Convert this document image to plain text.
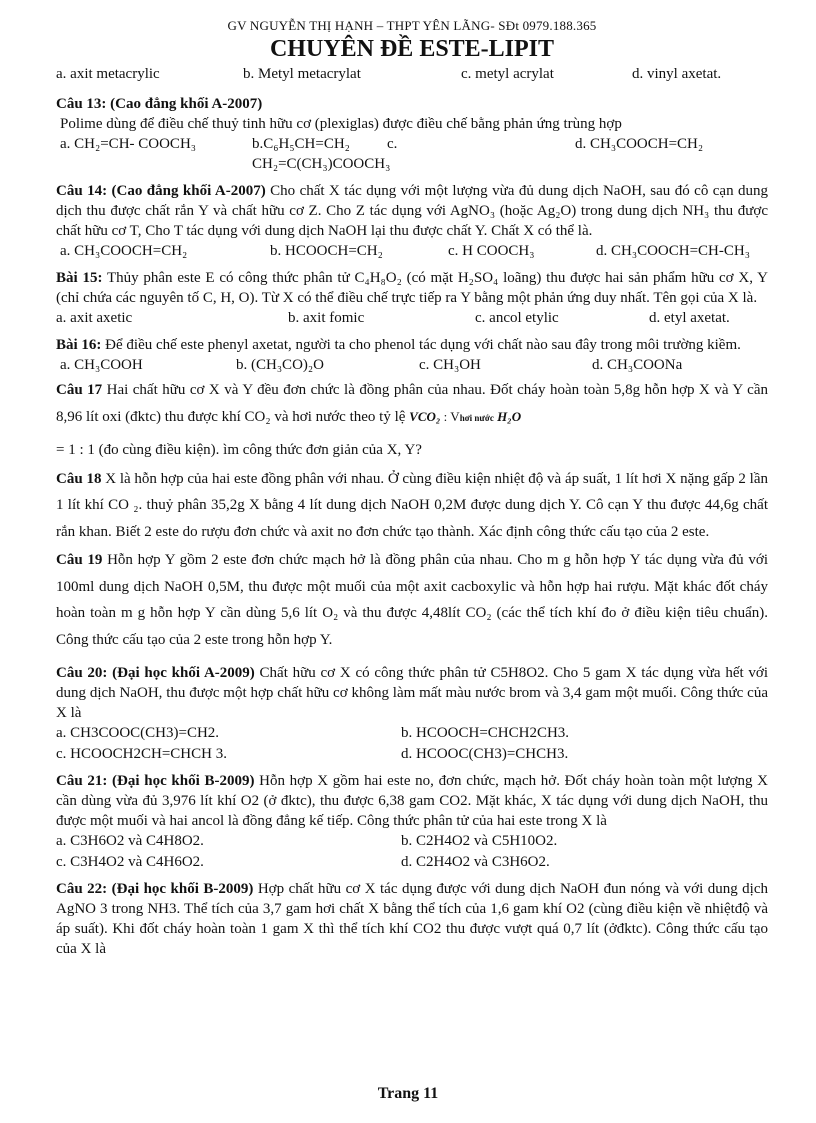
GV NGUYỄN THỊ HẠNH – THPT YÊN LÃNG- SĐt 0979.188.365
CHUYÊN ĐỀ ESTE-LIPIT
a. axit metacrylic	b. Metyl metacrylat	c. metyl acrylat	d. vinyl axetat.

Câu 13: (Cao đẳng khối A-2007)

Polime dùng để điều chế thuỷ tinh hữu cơ (plexiglas) được điều chế bằng phản ứng trùng hợp

a. CH₂=CH- COOCH₃	b.C₆H₅CH=CH₂	c.
CH₂=C(CH₃)COOCH₃
d. CH₃COOCH=CH₂

Câu 14: (Cao đẳng khối A-2007) Cho chất X tác dụng với một lượng vừa đủ dung dịch NaOH, sau đó cô cạn dung dịch thu được chất rắn Y và chất hữu cơ Z. Cho Z tác dụng với AgNO₃ (hoặc Ag₂O) trong dung dịch NH₃ thu được chất hữu cơ T, Cho T tác dụng với dung dịch NaOH lại thu được chất Y. Chất X có thể là.

a. CH₃COOCH=CH₂	b. HCOOCH=CH₂	c. H COOCH₃	d. CH₃COOCH=CH-CH₃

Bài 15: Thủy phân este E có công thức phân tử C₄H₈O₂ (có mặt H₂SO₄ loãng) thu được hai sản phẩm hữu cơ X, Y (chỉ chứa các nguyên tố C, H, O). Từ X có thể điều chế trực tiếp ra Y bằng một phản ứng duy nhất. Tên gọi của X là.

a. axit axetic	b. axit fomic	c. ancol etylic	d. etyl axetat.

Bài 16: Để điều chế este phenyl axetat, người ta cho phenol tác dụng với chất nào sau đây trong môi trường kiềm.

a. CH₃COOH	b. (CH₃CO)₂O	c. CH₃OH	d. CH₃COONa

Câu 17 Hai chất hữu cơ X và Y đều đơn chức là đồng phân của nhau. Đốt cháy hoàn toàn 5,8g hỗn hợp X và Y cần 8,96 lít oxi (đktc) thu được khí CO₂ và hơi nước theo tỷ lệ VCO₂ : Vhơi nước H₂O

= 1 : 1 (đo cùng điều kiện). ìm công thức đơn giản của X, Y?

Câu 18 X là hỗn hợp của hai este đồng phân với nhau. Ở cùng điều kiện nhiệt độ và áp suất, 1 lít hơi X nặng gấp 2 lần 1 lít khí CO ₂. thuỷ phân 35,2g X bằng 4 lít dung dịch NaOH 0,2M được dung dịch Y. Cô cạn Y thu được 44,6g chất rắn khan. Biết 2 este do rượu đơn chức và axit no đơn chức tạo thành. Xác định công thức cấu tạo của 2 este.

Câu 19 Hỗn hợp Y gồm 2 este đơn chức mạch hở là đồng phân của nhau. Cho m g hỗn hợp Y tác dụng vừa đủ với 100ml dung dịch NaOH 0,5M, thu được một muối của một axit cacboxylic và hỗn hợp hai rượu. Mặt khác đốt cháy hoàn toàn m g hỗn hợp Y cần dùng 5,6 lít O₂ và thu được 4,48lít CO₂ (các thể tích khí đo ở điều kiện tiêu chuẩn). Công thức cấu tạo của 2 este trong hỗn hợp Y.

Câu 20: (Đại học khối A-2009) Chất hữu cơ X có công thức phân tử C5H8O2. Cho 5 gam X tác dụng vừa hết với dung dịch NaOH, thu được một hợp chất hữu cơ không làm mất màu nước brom và 3,4 gam một muối. Công thức của X là

a. CH3COOC(CH3)=CH2.	b. HCOOCH=CHCH2CH3.
c. HCOOCH2CH=CHCH 3.	d. HCOOC(CH3)=CHCH3.

Câu 21: (Đại học khối B-2009) Hỗn hợp X gồm hai este no, đơn chức, mạch hở. Đốt cháy hoàn toàn một lượng X cần dùng vừa đủ 3,976 lít khí O2 (ở đktc), thu được 6,38 gam CO2. Mặt khác, X tác dụng với dung dịch NaOH, thu được một muối và hai ancol là đồng đẳng kế tiếp. Công thức phân tử của hai este trong X là

a. C3H6O2 và C4H8O2.	b. C2H4O2 và C5H10O2.
c. C3H4O2 và C4H6O2.	d. C2H4O2 và C3H6O2.

Câu 22: (Đại học khối B-2009) Hợp chất hữu cơ X tác dụng được với dung dịch NaOH đun nóng và với dung dịch AgNO 3 trong NH3. Thể tích của 3,7 gam hơi chất X bằng thể tích của 1,6 gam khí O2 (cùng điều kiện về nhiệtđộ và áp suất). Khi đốt cháy hoàn toàn 1 gam X thì thể tích khí CO2 thu được vượt quá 0,7 lít (ởđktc). Công thức cấu tạo của X là

Trang 11
